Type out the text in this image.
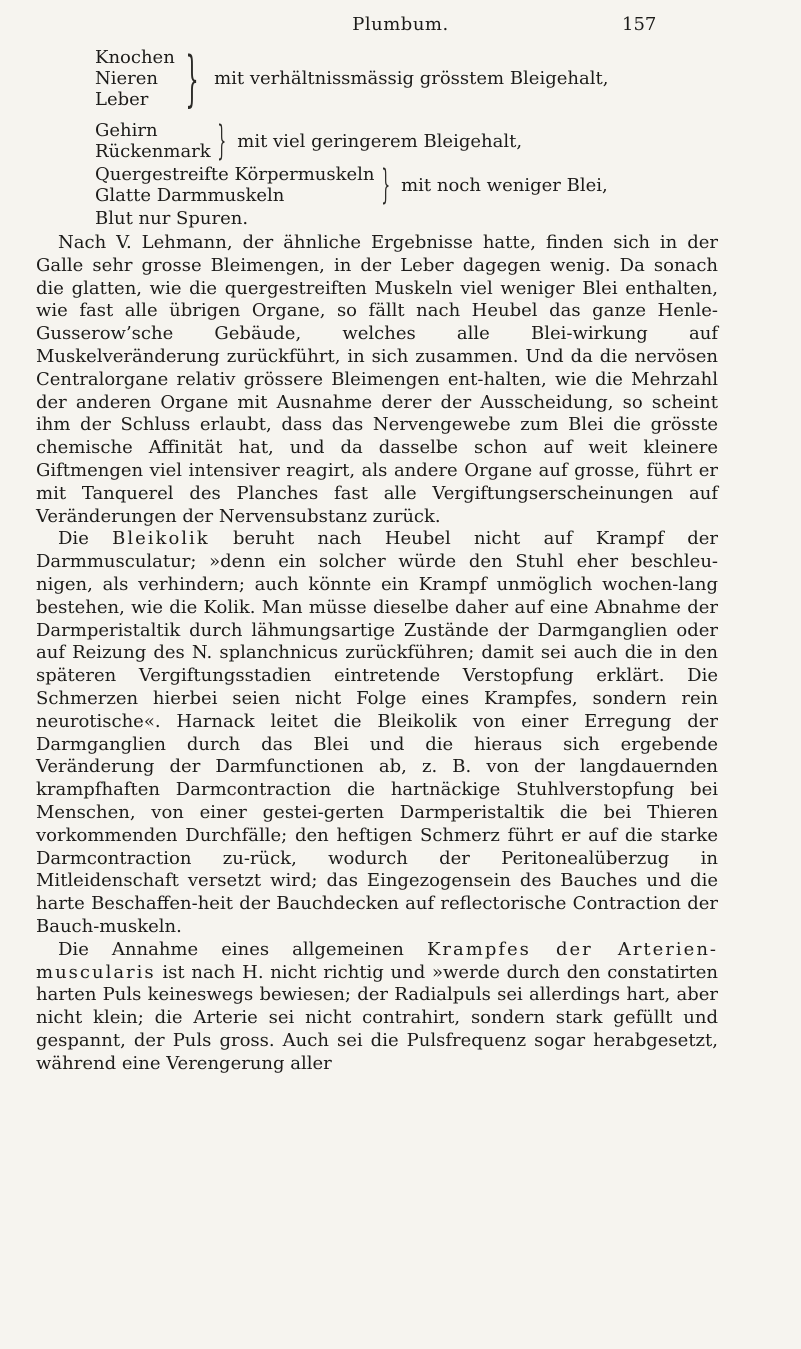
Plumbum.	157
Knochen
Nieren
Leber } mit verhältnissmässig grösstem Bleigehalt,
Gehirn
Rückenmark } mit viel geringerem Bleigehalt,
Quergestreifte Körpermuskeln
Glatte Darmmuskeln	} mit noch weniger Blei,
Blut nur Spuren.

Nach V. Lehmann, der ähnliche Ergebnisse hatte, finden sich in der Galle sehr grosse Bleimengen, in der Leber dagegen wenig. Da sonach die glatten, wie die quergestreiften Muskeln viel weniger Blei enthalten, wie fast alle übrigen Organe, so fällt nach Heubel das ganze Henle-Gusserow’sche Gebäude, welches alle Blei-wirkung auf Muskelveränderung zurückführt, in sich zusammen. Und da die nervösen Centralorgane relativ grössere Bleimengen ent-halten, wie die Mehrzahl der anderen Organe mit Ausnahme derer der Ausscheidung, so scheint ihm der Schluss erlaubt, dass das Nervengewebe zum Blei die grösste chemische Affinität hat, und da dasselbe schon auf weit kleinere Giftmengen viel intensiver reagirt, als andere Organe auf grosse, führt er mit Tanquerel des Planches fast alle Vergiftungserscheinungen auf Veränderungen der Nervensubstanz zurück.

Die Bleikolik beruht nach Heubel nicht auf Krampf der Darmmusculatur; »denn ein solcher würde den Stuhl eher beschleu-nigen, als verhindern; auch könnte ein Krampf unmöglich wochen-lang bestehen, wie die Kolik. Man müsse dieselbe daher auf eine Abnahme der Darmperistaltik durch lähmungsartige Zustände der Darmganglien oder auf Reizung des N. splanchnicus zurückführen; damit sei auch die in den späteren Vergiftungsstadien eintretende Verstopfung erklärt. Die Schmerzen hierbei seien nicht Folge eines Krampfes, sondern rein neurotische«. Harnack leitet die Bleikolik von einer Erregung der Darmganglien durch das Blei und die hieraus sich ergebende Veränderung der Darmfunctionen ab, z. B. von der langdauernden krampfhaften Darmcontraction die hartnäckige Stuhlverstopfung bei Menschen, von einer gestei-gerten Darmperistaltik die bei Thieren vorkommenden Durchfälle; den heftigen Schmerz führt er auf die starke Darmcontraction zu-rück, wodurch der Peritonealüberzug in Mitleidenschaft versetzt wird; das Eingezogensein des Bauches und die harte Beschaffen-heit der Bauchdecken auf reflectorische Contraction der Bauch-muskeln.

Die Annahme eines allgemeinen Krampfes der Arterien-muscularis ist nach H. nicht richtig und »werde durch den constatirten harten Puls keineswegs bewiesen; der Radialpuls sei allerdings hart, aber nicht klein; die Arterie sei nicht contrahirt, sondern stark gefüllt und gespannt, der Puls gross. Auch sei die Pulsfrequenz sogar herabgesetzt, während eine Verengerung aller
